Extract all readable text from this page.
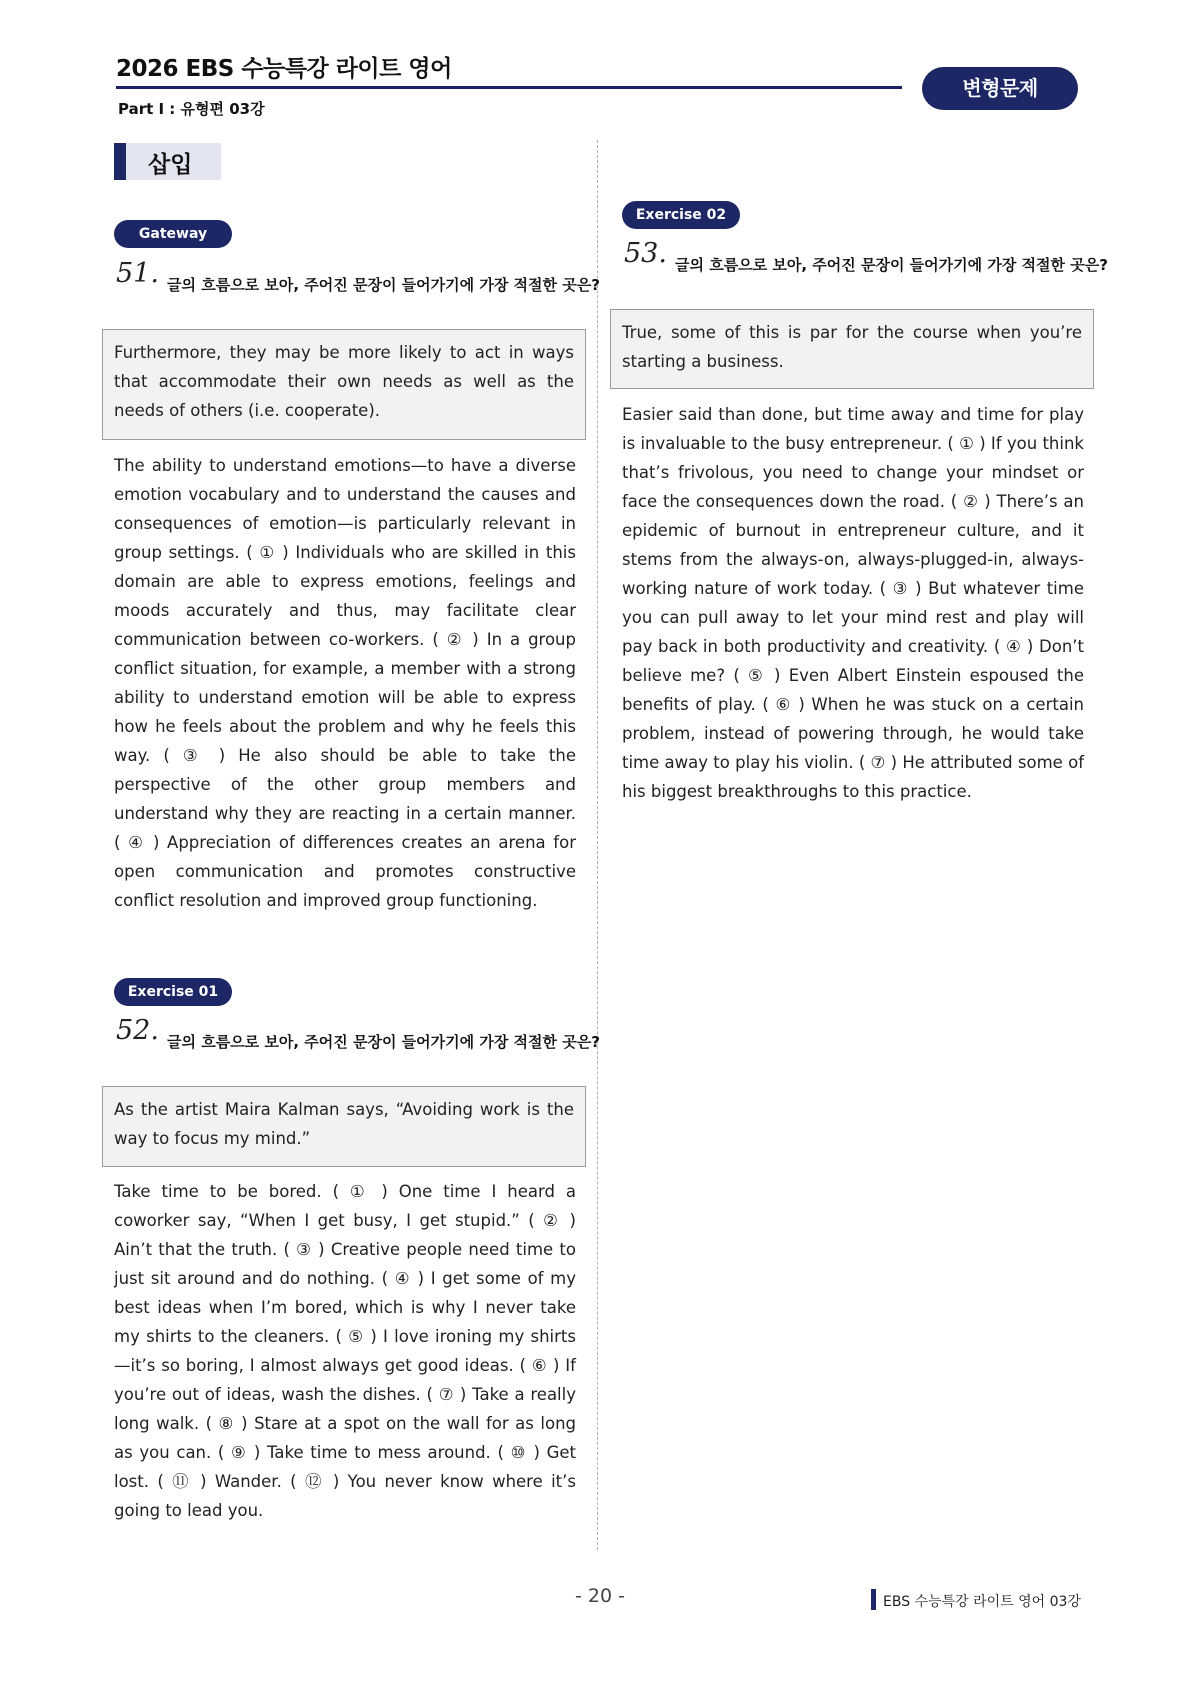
2026 EBS 수능특강 라이트 영어
Part Ⅰ : 유형편 03강
변형문제
삽입
Gateway
51. 글의 흐름으로 보아, 주어진 문장이 들어가기에 가장 적절한 곳은?
Furthermore, they may be more likely to act in ways that accommodate their own needs as well as the needs of others (i.e. cooperate).
The ability to understand emotions—to have a diverse emotion vocabulary and to understand the causes and consequences of emotion—is particularly relevant in group settings. ( ① ) Individuals who are skilled in this domain are able to express emotions, feelings and moods accurately and thus, may facilitate clear communication between co-workers. ( ② ) In a group conflict situation, for example, a member with a strong ability to understand emotion will be able to express how he feels about the problem and why he feels this way. ( ③ ) He also should be able to take the perspective of the other group members and understand why they are reacting in a certain manner. ( ④ ) Appreciation of differences creates an arena for open communication and promotes constructive conflict resolution and improved group functioning.
Exercise 01
52. 글의 흐름으로 보아, 주어진 문장이 들어가기에 가장 적절한 곳은?
As the artist Maira Kalman says, “Avoiding work is the way to focus my mind.”
Take time to be bored. ( ① ) One time I heard a coworker say, “When I get busy, I get stupid.” ( ② ) Ain’t that the truth. ( ③ ) Creative people need time to just sit around and do nothing. ( ④ ) I get some of my best ideas when I’m bored, which is why I never take my shirts to the cleaners. ( ⑤ ) I love ironing my shirts—it’s so boring, I almost always get good ideas. ( ⑥ ) If you’re out of ideas, wash the dishes. ( ⑦ ) Take a really long walk. ( ⑧ ) Stare at a spot on the wall for as long as you can. ( ⑨ ) Take time to mess around. ( ⑩ ) Get lost. ( ⑪ ) Wander. ( ⑫ ) You never know where it’s going to lead you.
Exercise 02
53. 글의 흐름으로 보아, 주어진 문장이 들어가기에 가장 적절한 곳은?
True, some of this is par for the course when you’re starting a business.
Easier said than done, but time away and time for play is invaluable to the busy entrepreneur. ( ① ) If you think that’s frivolous, you need to change your mindset or face the consequences down the road. ( ② ) There’s an epidemic of burnout in entrepreneur culture, and it stems from the always-on, always-plugged-in, always-working nature of work today. ( ③ ) But whatever time you can pull away to let your mind rest and play will pay back in both productivity and creativity. ( ④ ) Don’t believe me? ( ⑤ ) Even Albert Einstein espoused the benefits of play. ( ⑥ ) When he was stuck on a certain problem, instead of powering through, he would take time away to play his violin. ( ⑦ ) He attributed some of his biggest breakthroughs to this practice.
- 20 -	EBS 수능특강 라이트 영어 03강
